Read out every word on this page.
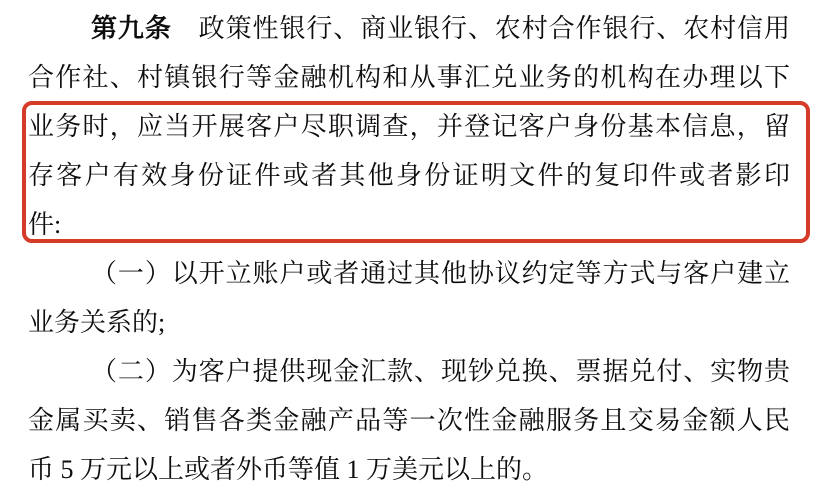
第九条　政策性银行、商业银行、农村合作银行、农村信用
合作社、村镇银行等金融机构和从事汇兑业务的机构在办理以下
业务时，应当开展客户尽职调查，并登记客户身份基本信息，留
存客户有效身份证件或者其他身份证明文件的复印件或者影印
件:
（一）以开立账户或者通过其他协议约定等方式与客户建立
业务关系的;
（二）为客户提供现金汇款、现钞兑换、票据兑付、实物贵
金属买卖、销售各类金融产品等一次性金融服务且交易金额人民
币 5 万元以上或者外币等值 1 万美元以上的。
